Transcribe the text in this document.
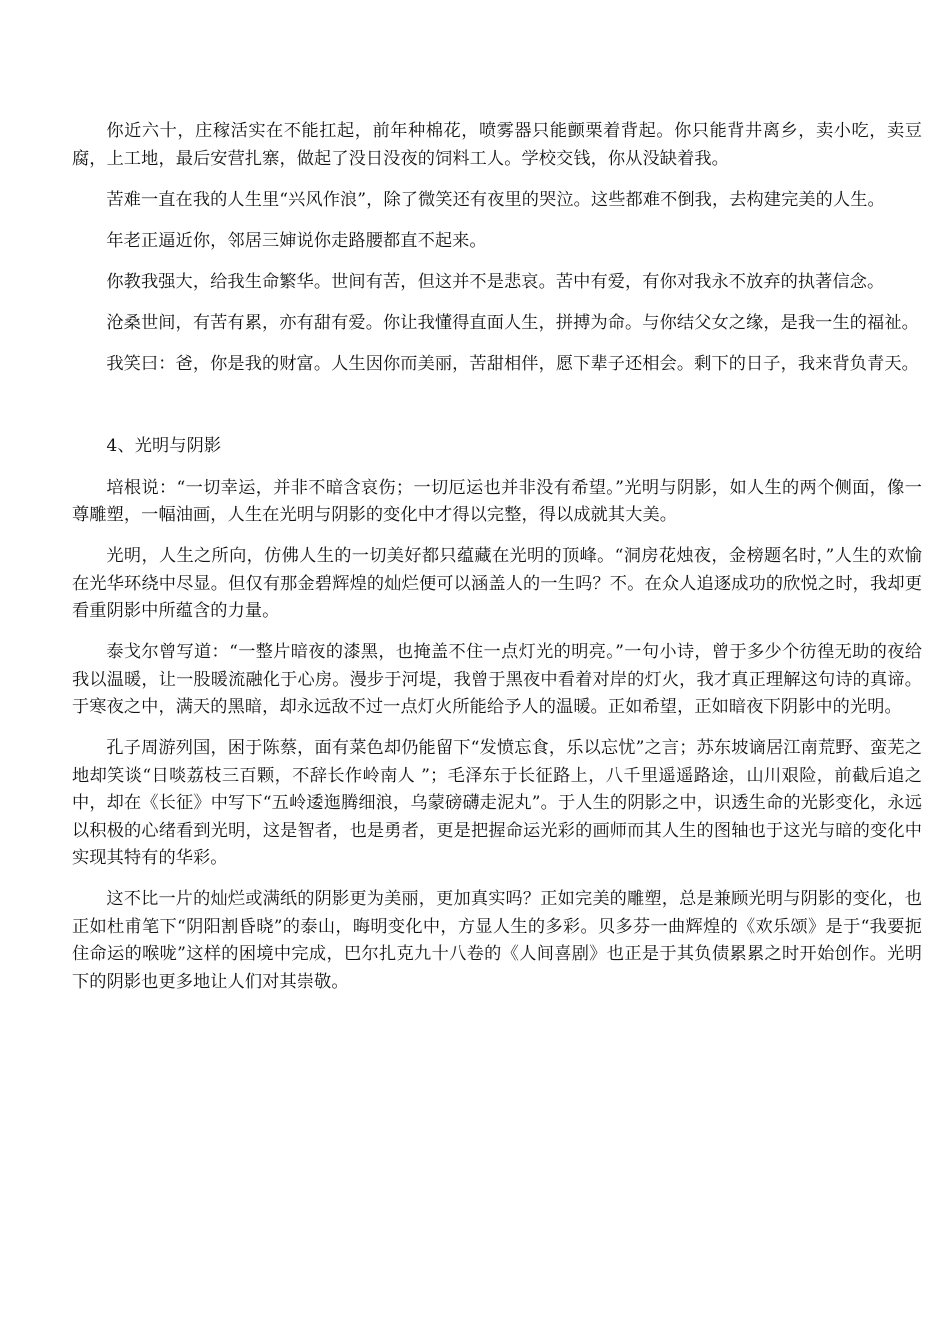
你近六十，庄稼活实在不能扛起，前年种棉花，喷雾器只能颤栗着背起。你只能背井离乡，卖小吃，卖豆腐，上工地，最后安营扎寨，做起了没日没夜的饲料工人。学校交钱，你从没缺着我。

苦难一直在我的人生里“兴风作浪”，除了微笑还有夜里的哭泣。这些都难不倒我，去构建完美的人生。

年老正逼近你，邻居三婶说你走路腰都直不起来。

你教我强大，给我生命繁华。世间有苦，但这并不是悲哀。苦中有爱，有你对我永不放弃的执著信念。

沧桑世间，有苦有累，亦有甜有爱。你让我懂得直面人生，拼搏为命。与你结父女之缘，是我一生的福祉。

我笑曰：爸，你是我的财富。人生因你而美丽，苦甜相伴，愿下辈子还相会。剩下的日子，我来背负青天。

4、光明与阴影

培根说：“一切幸运，并非不暗含哀伤；一切厄运也并非没有希望。”光明与阴影，如人生的两个侧面，像一尊雕塑，一幅油画，人生在光明与阴影的变化中才得以完整，得以成就其大美。

光明，人生之所向，仿佛人生的一切美好都只蕴藏在光明的顶峰。“洞房花烛夜，金榜题名时，”人生的欢愉在光华环绕中尽显。但仅有那金碧辉煌的灿烂便可以涵盖人的一生吗？不。在众人追逐成功的欣悦之时，我却更看重阴影中所蕴含的力量。

泰戈尔曾写道：“一整片暗夜的漆黑，也掩盖不住一点灯光的明亮。”一句小诗，曾于多少个彷徨无助的夜给我以温暖，让一股暖流融化于心房。漫步于河堤，我曾于黑夜中看着对岸的灯火，我才真正理解这句诗的真谛。于寒夜之中，满天的黑暗，却永远敌不过一点灯火所能给予人的温暖。正如希望，正如暗夜下阴影中的光明。

孔子周游列国，困于陈蔡，面有菜色却仍能留下“发愤忘食，乐以忘忧”之言；苏东坡谪居江南荒野、蛮芜之地却笑谈“日啖荔枝三百颗，不辞长作岭南人 ”；毛泽东于长征路上，八千里遥遥路途，山川艰险，前截后追之中，却在《长征》中写下“五岭逶迤腾细浪，乌蒙磅礴走泥丸”。于人生的阴影之中，识透生命的光影变化，永远以积极的心绪看到光明，这是智者，也是勇者，更是把握命运光彩的画师而其人生的图轴也于这光与暗的变化中实现其特有的华彩。

这不比一片的灿烂或满纸的阴影更为美丽，更加真实吗？正如完美的雕塑，总是兼顾光明与阴影的变化，也正如杜甫笔下“阴阳割昏晓”的泰山，晦明变化中，方显人生的多彩。贝多芬一曲辉煌的《欢乐颂》是于“我要扼住命运的喉咙”这样的困境中完成，巴尔扎克九十八卷的《人间喜剧》也正是于其负债累累之时开始创作。光明下的阴影也更多地让人们对其崇敬。
